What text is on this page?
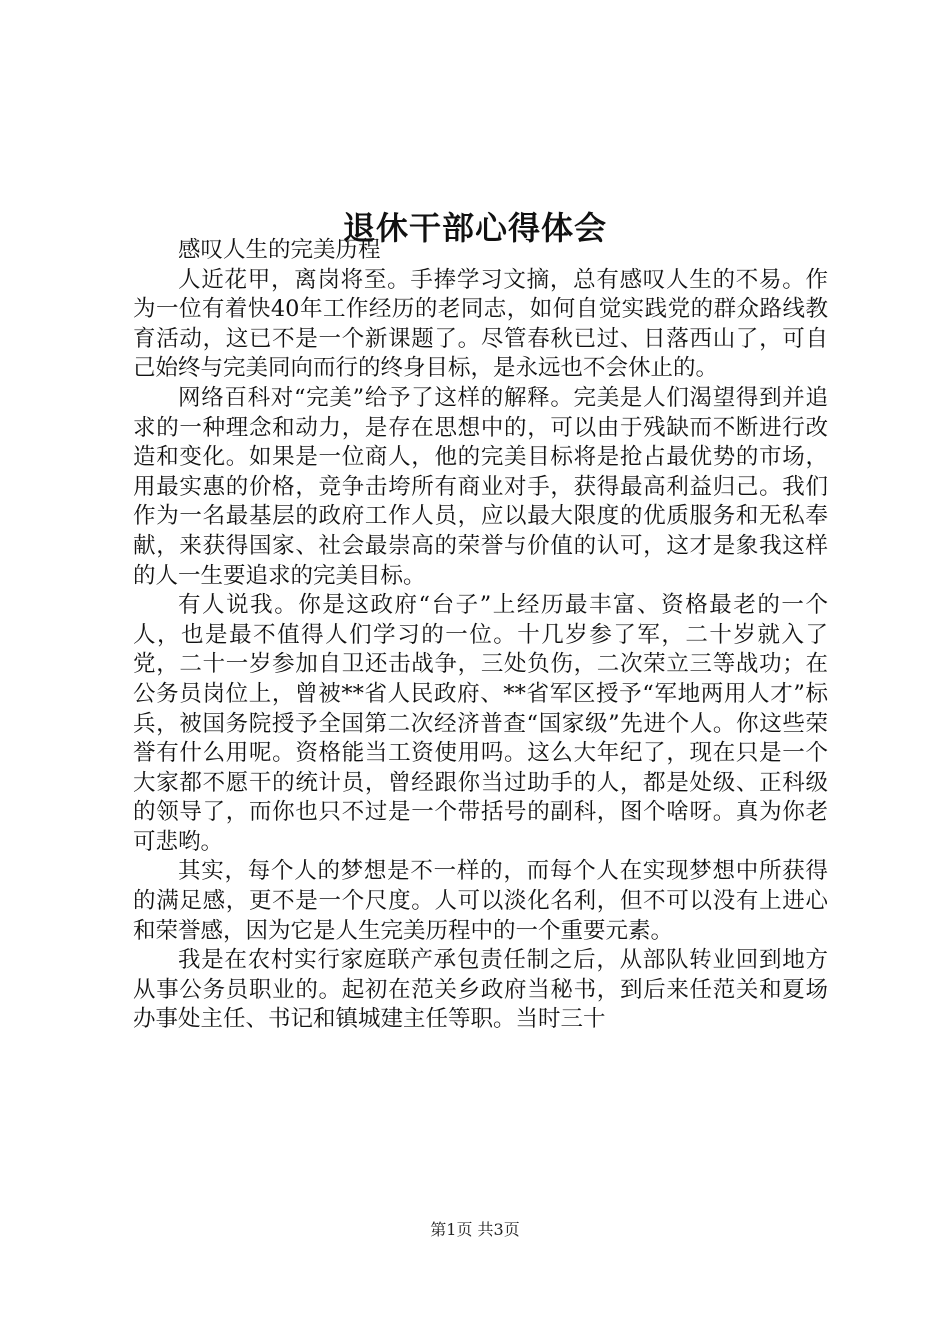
退休干部心得体会

感叹人生的完美历程

人近花甲，离岗将至。手捧学习文摘，总有感叹人生的不易。作为一位有着快40年工作经历的老同志，如何自觉实践党的群众路线教育活动，这已不是一个新课题了。尽管春秋已过、日落西山了，可自己始终与完美同向而行的终身目标，是永远也不会休止的。

网络百科对“完美”给予了这样的解释。完美是人们渴望得到并追求的一种理念和动力，是存在思想中的，可以由于残缺而不断进行改造和变化。如果是一位商人，他的完美目标将是抢占最优势的市场，用最实惠的价格，竞争击垮所有商业对手，获得最高利益归己。我们作为一名最基层的政府工作人员，应以最大限度的优质服务和无私奉献，来获得国家、社会最崇高的荣誉与价值的认可，这才是象我这样的人一生要追求的完美目标。

有人说我。你是这政府“台子”上经历最丰富、资格最老的一个人，也是最不值得人们学习的一位。十几岁参了军，二十岁就入了党，二十一岁参加自卫还击战争，三处负伤，二次荣立三等战功；在公务员岗位上，曾被**省人民政府、**省军区授予“军地两用人才”标兵，被国务院授予全国第二次经济普查“国家级”先进个人。你这些荣誉有什么用呢。资格能当工资使用吗。这么大年纪了，现在只是一个大家都不愿干的统计员，曾经跟你当过助手的人，都是处级、正科级的领导了，而你也只不过是一个带括号的副科，图个啥呀。真为你老可悲哟。

其实，每个人的梦想是不一样的，而每个人在实现梦想中所获得的满足感，更不是一个尺度。人可以淡化名利，但不可以没有上进心和荣誉感，因为它是人生完美历程中的一个重要元素。

我是在农村实行家庭联产承包责任制之后，从部队转业回到地方从事公务员职业的。起初在范关乡政府当秘书，到后来任范关和夏场办事处主任、书记和镇城建主任等职。当时三十

第1页 共3页
